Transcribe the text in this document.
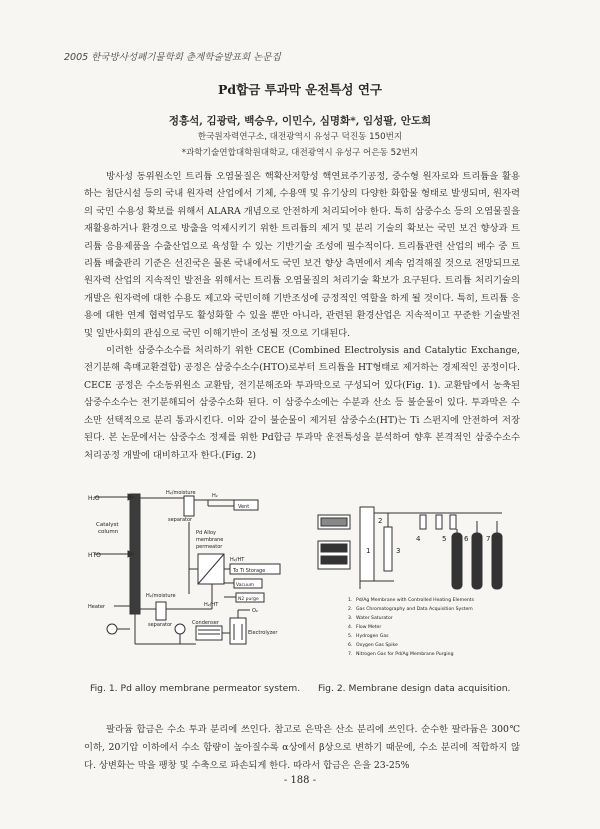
2005 한국방사성폐기물학회 춘계학술발표회 논문집
Pd합금 투과막 운전특성 연구
정흥석, 김광락, 백승우, 이민수, 심명화*, 임성팔, 안도희
한국원자력연구소, 대전광역시 유성구 덕진동 150번지
*과학기술연합대학원대학교, 대전광역시 유성구 어은동 52번지

방사성 동위원소인 트리튬 오염물질은 핵확산저항성 핵연료주기공정, 중수형 원자로와 트리튬을 활용하는 첨단시설 등의 국내 원자력 산업에서 기체, 수용액 및 유기상의 다양한 화합물 형태로 발생되며, 원자력의 국민 수용성 확보를 위해서 ALARA 개념으로 안전하게 처리되어야 한다. 특히 삼중수소 등의 오염물질을 재활용하거나 환경으로 방출을 억제시키기 위한 트리튬의 제거 및 분리 기술의 확보는 국민 보건 향상과 트리튬 응용제품을 수출산업으로 육성할 수 있는 기반기술 조성에 필수적이다. 트리튬관련 산업의 배수 중 트리튬 배출관리 기준은 선진국은 물론 국내에서도 국민 보건 향상 측면에서 계속 엄격해질 것으로 전망되므로 원자력 산업의 지속적인 발전을 위해서는 트리튬 오염물질의 처리기술 확보가 요구된다. 트리튬 처리기술의 개발은 원자력에 대한 수용도 제고와 국민이해 기반조성에 긍정적인 역할을 하게 될 것이다. 특히, 트리튬 응용에 대한 연계 협력업무도 활성화할 수 있을 뿐만 아니라, 관련된 환경산업은 지속적이고 꾸준한 기술발전 및 일반사회의 관심으로 국민 이해기반이 조성될 것으로 기대된다.

이러한 삼중수소수를 처리하기 위한 CECE (Combined Electrolysis and Catalytic Exchange, 전기분해 촉매교환결합) 공정은 삼중수소수(HTO)로부터 트리튬을 HT형태로 제거하는 경제적인 공정이다. CECE 공정은 수소동위원소 교환탑, 전기분해조와 투과막으로 구성되어 있다(Fig. 1). 교환탑에서 농축된 삼중수소수는 전기분해되어 삼중수소화 된다. 이 삼중수소에는 수분과 산소 등 불순물이 있다. 투과막은 수소만 선택적으로 분리 통과시킨다. 이와 같이 불순물이 제거된 삼중수소(HT)는 Ti 스펀지에 안전하여 저장된다. 본 논문에서는 삼중수소 정제를 위한 Pd합금 투과막 운전특성을 분석하여 향후 본격적인 삼중수소수 처리공정 개발에 대비하고자 한다.(Fig. 2)

H₂O
HTO
Catalyst
column
Heater
H₂/moisture
separator
H₂
Vent
Pd Alloy
membrane
permeator
H₂/HT
To Ti Storage
Vacuum
N2 purge
H₂/moisture
separator
H₂/HT
O₂
Condenser
Electrolyzer
2
1	3
4	5	6	7
1. Pd/Ag Membrane with Controlled Heating Elements
2. Gas Chromatography and Data Acquisition System
3. Water Saturator
4. Flow Meter
5. Hydrogen Gas
6. Oxygen Gas Spike
7. Nitrogen Gas for Pd/Ag Membrane Purging
Fig. 1. Pd alloy membrane permeator system. Fig. 2. Membrane design data acquisition.

팔라듐 합금은 수소 투과 분리에 쓰인다. 참고로 은막은 산소 분리에 쓰인다. 순수한 팔라듐은 300℃ 이하, 20기압 이하에서 수소 함량이 높아질수록 α상에서 β상으로 변하기 때문에, 수소 분리에 적합하지 않다. 상변화는 막을 팽창 및 수축으로 파손되게 한다. 따라서 합금은 은을 23-25%

- 188 -
